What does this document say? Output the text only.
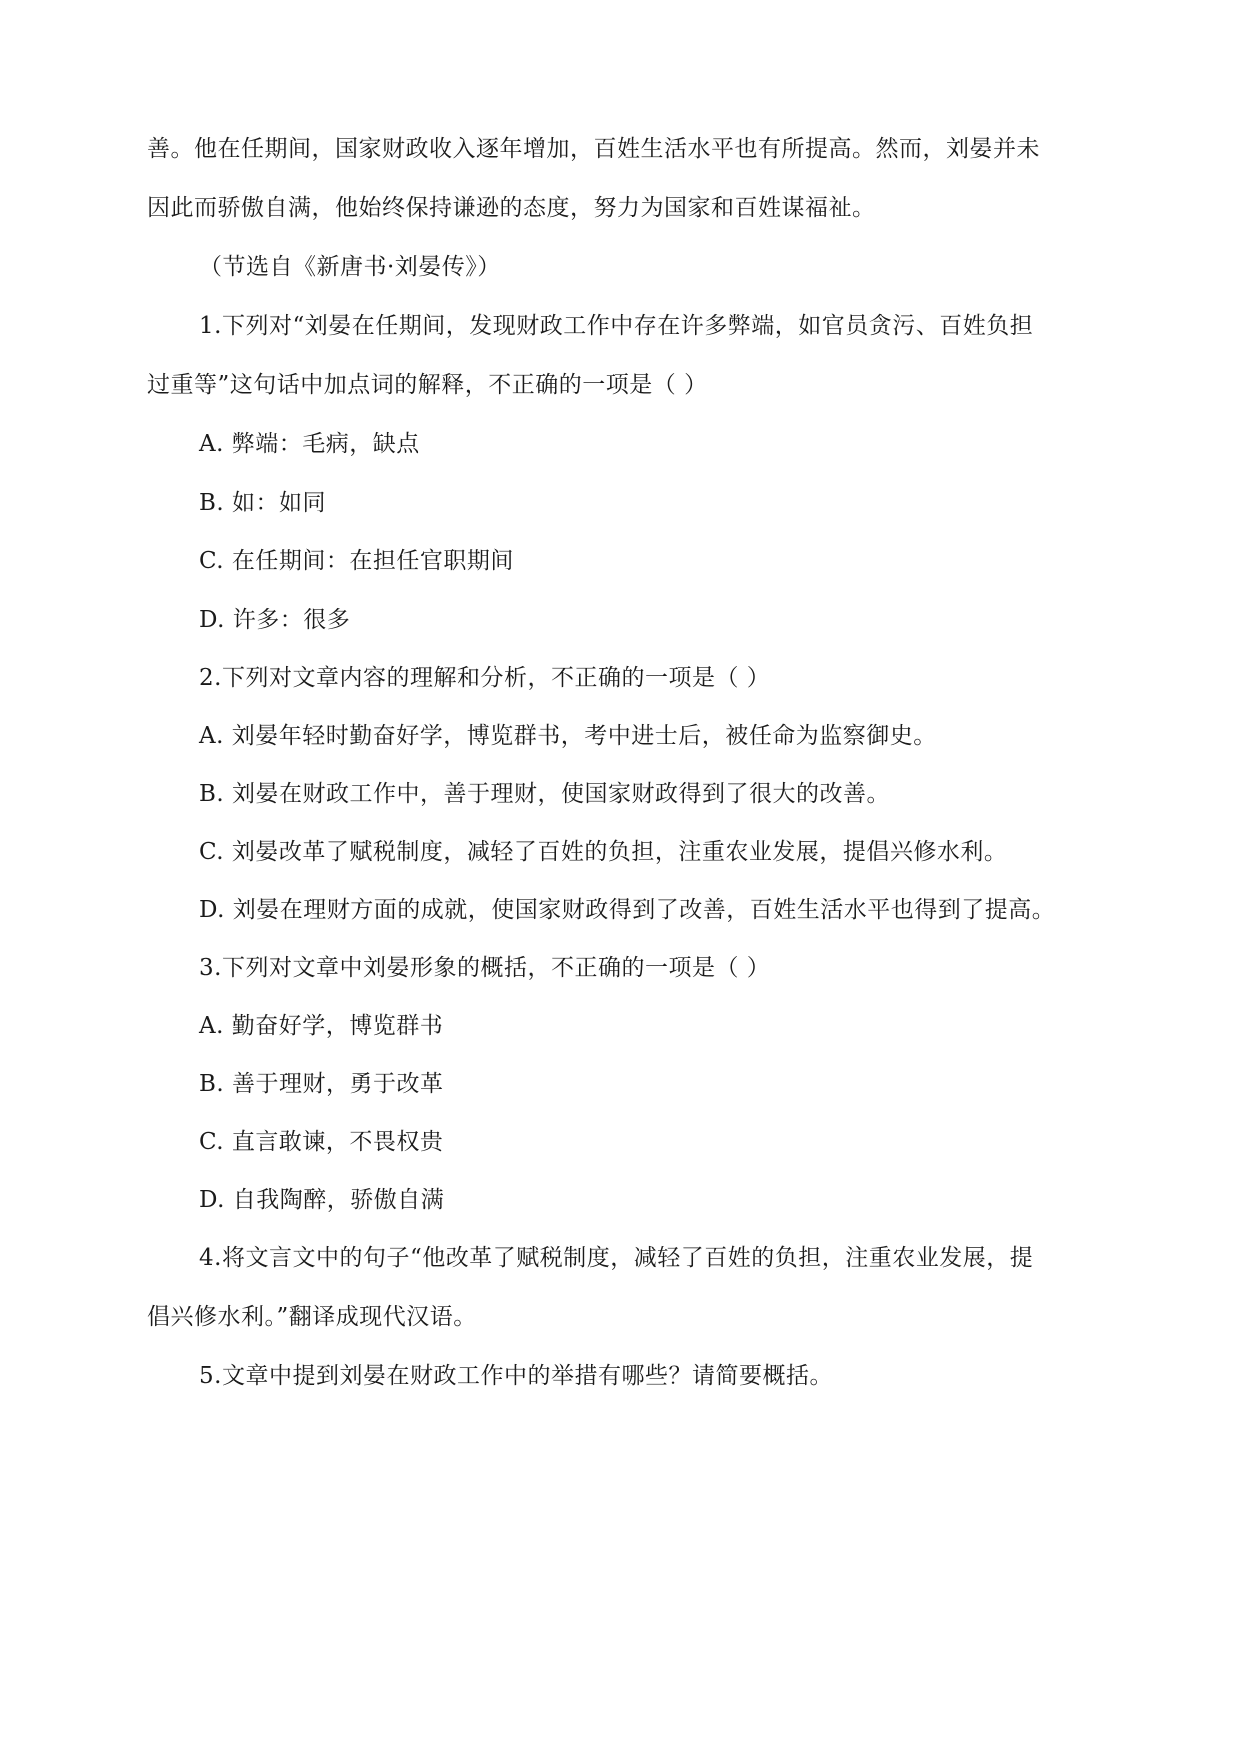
善。他在任期间，国家财政收入逐年增加，百姓生活水平也有所提高。然而，刘晏并未
因此而骄傲自满，他始终保持谦逊的态度，努力为国家和百姓谋福祉。
（节选自《新唐书·刘晏传》）
1.下列对“刘晏在任期间，发现财政工作中存在许多弊端，如官员贪污、百姓负担
过重等”这句话中加点词的解释，不正确的一项是（ ）
A. 弊端：毛病，缺点
B. 如：如同
C. 在任期间：在担任官职期间
D. 许多：很多
2.下列对文章内容的理解和分析，不正确的一项是（ ）
A. 刘晏年轻时勤奋好学，博览群书，考中进士后，被任命为监察御史。
B. 刘晏在财政工作中，善于理财，使国家财政得到了很大的改善。
C. 刘晏改革了赋税制度，减轻了百姓的负担，注重农业发展，提倡兴修水利。
D. 刘晏在理财方面的成就，使国家财政得到了改善，百姓生活水平也得到了提高。
3.下列对文章中刘晏形象的概括，不正确的一项是（ ）
A. 勤奋好学，博览群书
B. 善于理财，勇于改革
C. 直言敢谏，不畏权贵
D. 自我陶醉，骄傲自满
4.将文言文中的句子“他改革了赋税制度，减轻了百姓的负担，注重农业发展，提
倡兴修水利。”翻译成现代汉语。
5.文章中提到刘晏在财政工作中的举措有哪些？请简要概括。
